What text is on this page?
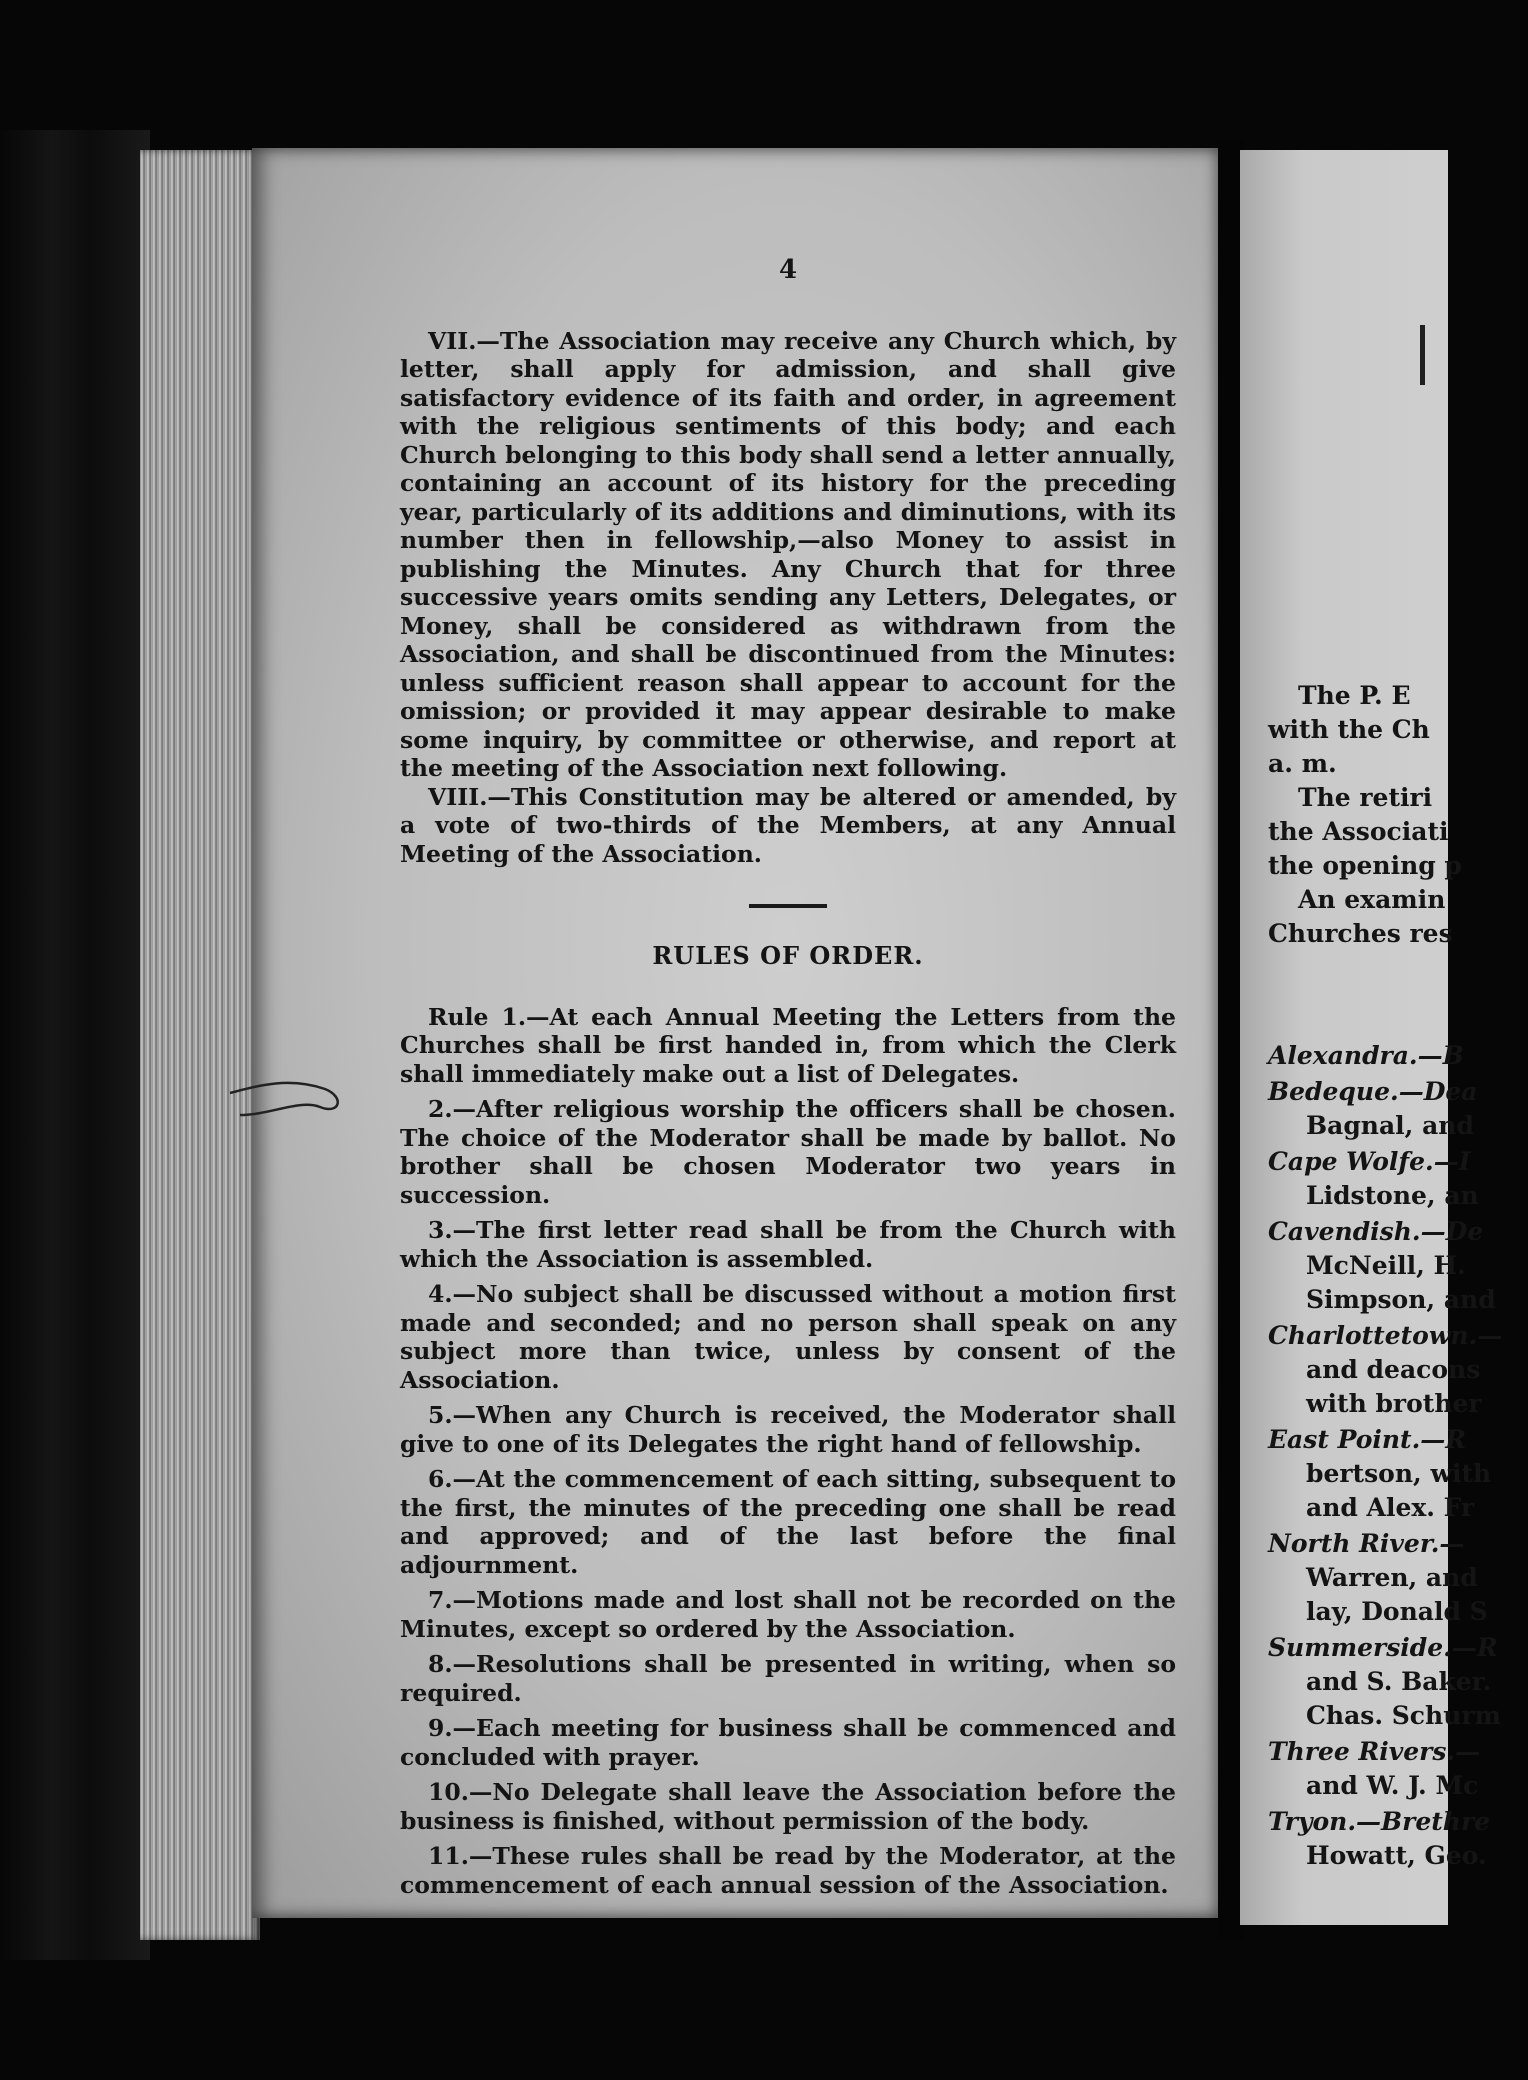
4

VII.—The Association may receive any Church which, by letter, shall apply for admission, and shall give satisfactory evidence of its faith and order, in agreement with the religious sentiments of this body; and each Church belonging to this body shall send a letter annually, containing an account of its history for the preceding year, particularly of its additions and diminutions, with its number then in fellowship,—also Money to assist in publishing the Minutes. Any Church that for three successive years omits sending any Letters, Delegates, or Money, shall be considered as withdrawn from the Association, and shall be discontinued from the Minutes: unless sufficient reason shall appear to account for the omission; or provided it may appear desirable to make some inquiry, by committee or otherwise, and report at the meeting of the Association next following.

VIII.—This Constitution may be altered or amended, by a vote of two-thirds of the Members, at any Annual Meeting of the Association.

RULES OF ORDER.

Rule 1.—At each Annual Meeting the Letters from the Churches shall be first handed in, from which the Clerk shall immediately make out a list of Delegates.

2.—After religious worship the officers shall be chosen. The choice of the Moderator shall be made by ballot. No brother shall be chosen Moderator two years in succession.

3.—The first letter read shall be from the Church with which the Association is assembled.

4.—No subject shall be discussed without a motion first made and seconded; and no person shall speak on any subject more than twice, unless by consent of the Association.

5.—When any Church is received, the Moderator shall give to one of its Delegates the right hand of fellowship.

6.—At the commencement of each sitting, subsequent to the first, the minutes of the preceding one shall be read and approved; and of the last before the final adjournment.

7.—Motions made and lost shall not be recorded on the Minutes, except so ordered by the Association.

8.—Resolutions shall be presented in writing, when so required.

9.—Each meeting for business shall be commenced and concluded with prayer.

10.—No Delegate shall leave the Association before the business is finished, without permission of the body.

11.—These rules shall be read by the Moderator, at the commencement of each annual session of the Association.

The P. E
with the Ch
a. m.
The retiri
the Associati
the opening p
An examin
Churches res
Alexandra.—B
Bedeque.—Dea
Bagnal, and
Cape Wolfe.—I
Lidstone, an
Cavendish.—De
McNeill, H.
Simpson, and
Charlottetown.—
and deacons
with brother
East Point.—R
bertson, with
and Alex. Fr
North River.—
Warren, and
lay, Donald S
Summerside.—R
and S. Baker.
Chas. Schurm
Three Rivers.—
and W. J. Mc
Tryon.—Brethre
Howatt, Geo.
